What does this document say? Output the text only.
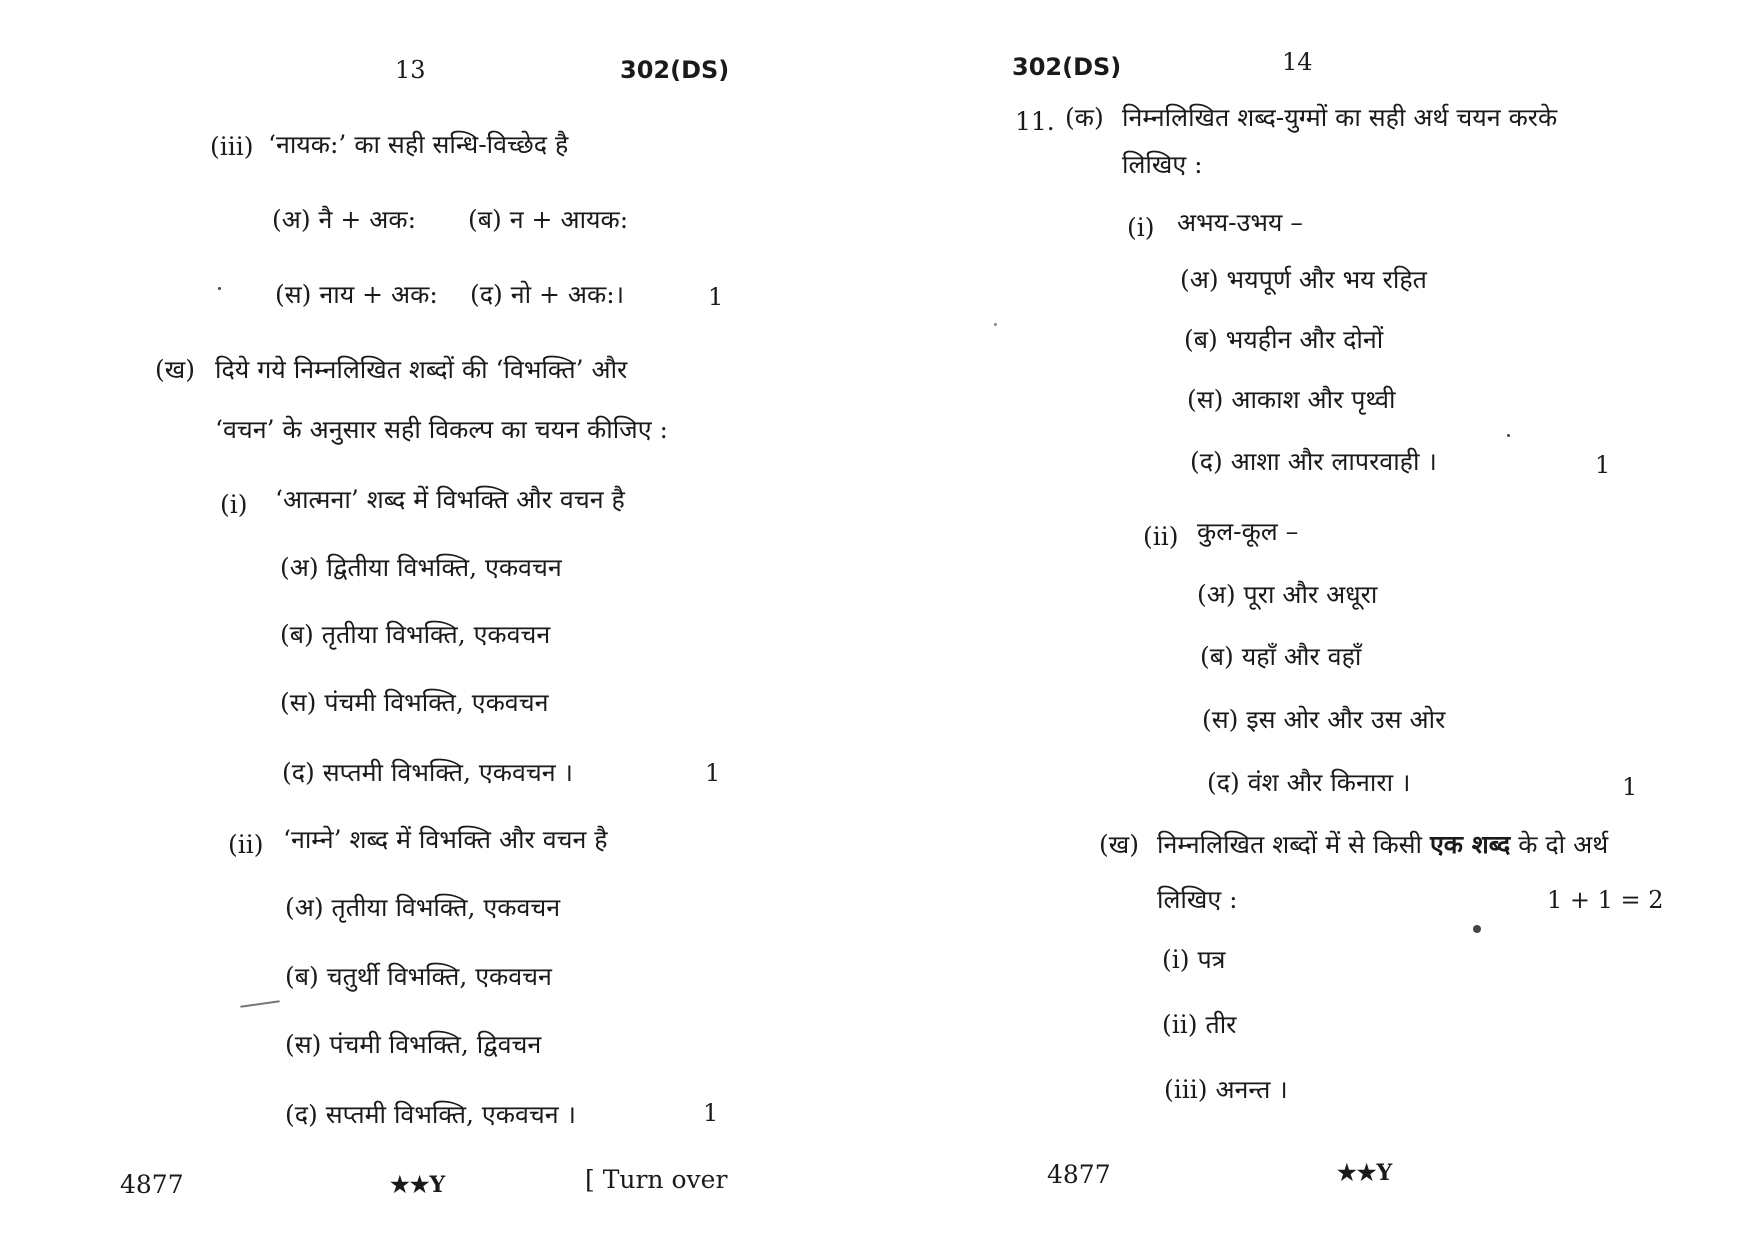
13	302(DS)
(iii) ‘नायक:’ का सही सन्धि-विच्छेद है
(अ) नै + अक: (ब) न + आयक:
(स) नाय + अक: (द) नो + अक:।	1
(ख) दिये गये निम्नलिखित शब्दों की ‘विभक्ति’ और
‘वचन’ के अनुसार सही विकल्प का चयन कीजिए :
(i) ‘आत्मना’ शब्द में विभक्ति और वचन है
(अ) द्वितीया विभक्ति, एकवचन
(ब) तृतीया विभक्ति, एकवचन
(स) पंचमी विभक्ति, एकवचन
(द) सप्तमी विभक्ति, एकवचन ।	1
(ii) ‘नाम्ने’ शब्द में विभक्ति और वचन है
(अ) तृतीया विभक्ति, एकवचन
(ब) चतुर्थी विभक्ति, एकवचन
(स) पंचमी विभक्ति, द्विवचन
(द) सप्तमी विभक्ति, एकवचन ।	1
4877	★★Y	[ Turn over
302(DS)	14
11. (क) निम्नलिखित शब्द-युग्मों का सही अर्थ चयन करके
लिखिए :
(i) अभय-उभय –
(अ) भयपूर्ण और भय रहित
(ब) भयहीन और दोनों
(स) आकाश और पृथ्वी
(द) आशा और लापरवाही ।	1
(ii) कुल-कूल –
(अ) पूरा और अधूरा
(ब) यहाँ और वहाँ
(स) इस ओर और उस ओर
(द) वंश और किनारा ।	1
(ख) निम्नलिखित शब्दों में से किसी एक शब्द के दो अर्थ
लिखिए :	1 + 1 = 2
(i) पत्र
(ii) तीर
(iii) अनन्त ।
4877	★★Y
